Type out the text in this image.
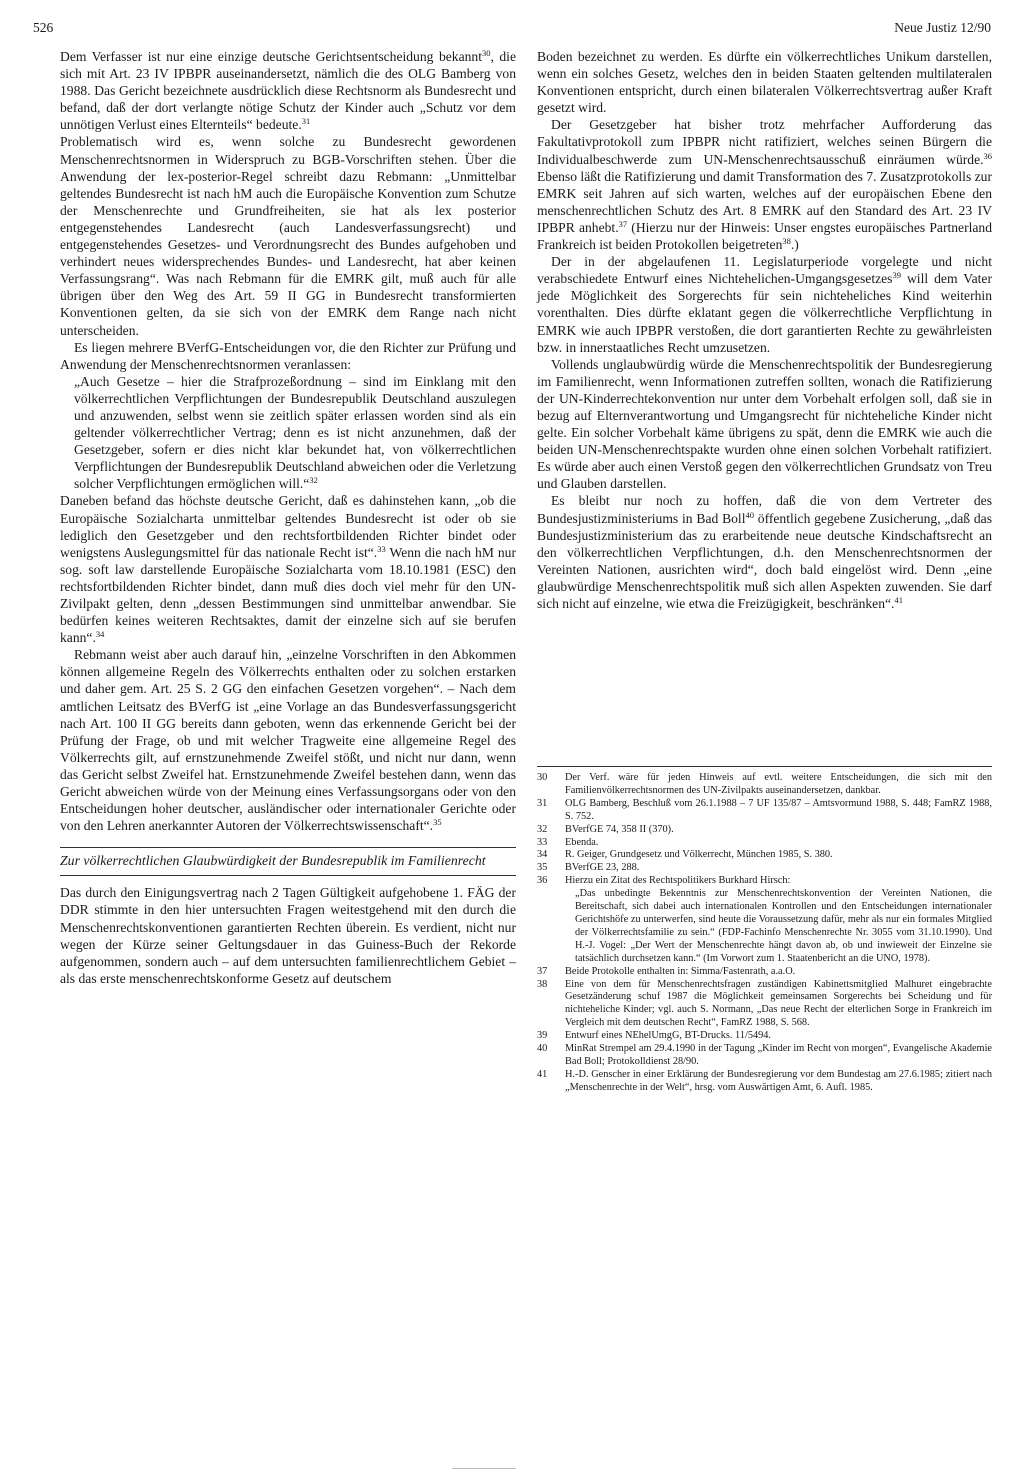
526	Neue Justiz 12/90

Dem Verfasser ist nur eine einzige deutsche Gerichtsentscheidung bekannt$^{30}$, die sich mit Art. 23 IV IPBPR auseinandersetzt, nämlich die des OLG Bamberg von 1988. Das Gericht bezeichnete ausdrücklich diese Rechtsnorm als Bundesrecht und befand, daß der dort verlangte nötige Schutz der Kinder auch „Schutz vor dem unnötigen Verlust eines Elternteils“ bedeute.$^{31}$

Problematisch wird es, wenn solche zu Bundesrecht gewordenen Menschenrechtsnormen in Widerspruch zu BGB-Vorschriften stehen. Über die Anwendung der lex-posterior-Regel schreibt dazu Rebmann: „Unmittelbar geltendes Bundesrecht ist nach hM auch die Europäische Konvention zum Schutze der Menschenrechte und Grundfreiheiten, sie hat als lex posterior entgegenstehendes Landesrecht (auch Landesverfassungsrecht) und entgegenstehendes Gesetzes- und Verordnungsrecht des Bundes aufgehoben und verhindert neues widersprechendes Bundes- und Landesrecht, hat aber keinen Verfassungsrang“. Was nach Rebmann für die EMRK gilt, muß auch für alle übrigen über den Weg des Art. 59 II GG in Bundesrecht transformierten Konventionen gelten, da sie sich von der EMRK dem Range nach nicht unterscheiden.

Es liegen mehrere BVerfG-Entscheidungen vor, die den Richter zur Prüfung und Anwendung der Menschenrechtsnormen veranlassen:

„Auch Gesetze – hier die Strafprozeßordnung – sind im Einklang mit den völkerrechtlichen Verpflichtungen der Bundesrepublik Deutschland auszulegen und anzuwenden, selbst wenn sie zeitlich später erlassen worden sind als ein geltender völkerrechtlicher Vertrag; denn es ist nicht anzunehmen, daß der Gesetzgeber, sofern er dies nicht klar bekundet hat, von völkerrechtlichen Verpflichtungen der Bundesrepublik Deutschland abweichen oder die Verletzung solcher Verpflichtungen ermöglichen will.“$^{32}$

Daneben befand das höchste deutsche Gericht, daß es dahinstehen kann, „ob die Europäische Sozialcharta unmittelbar geltendes Bundesrecht ist oder ob sie lediglich den Gesetzgeber und den rechtsfortbildenden Richter bindet oder wenigstens Auslegungsmittel für das nationale Recht ist“.$^{33}$ Wenn die nach hM nur sog. soft law darstellende Europäische Sozialcharta vom 18.10.1981 (ESC) den rechtsfortbildenden Richter bindet, dann muß dies doch viel mehr für den UN-Zivilpakt gelten, denn „dessen Bestimmungen sind unmittelbar anwendbar. Sie bedürfen keines weiteren Rechtsaktes, damit der einzelne sich auf sie berufen kann“.$^{34}$

Rebmann weist aber auch darauf hin, „einzelne Vorschriften in den Abkommen können allgemeine Regeln des Völkerrechts enthalten oder zu solchen erstarken und daher gem. Art. 25 S. 2 GG den einfachen Gesetzen vorgehen“. – Nach dem amtlichen Leitsatz des BVerfG ist „eine Vorlage an das Bundesverfassungsgericht nach Art. 100 II GG bereits dann geboten, wenn das erkennende Gericht bei der Prüfung der Frage, ob und mit welcher Tragweite eine allgemeine Regel des Völkerrechts gilt, auf ernstzunehmende Zweifel stößt, und nicht nur dann, wenn das Gericht selbst Zweifel hat. Ernstzunehmende Zweifel bestehen dann, wenn das Gericht abweichen würde von der Meinung eines Verfassungsorgans oder von den Entscheidungen hoher deutscher, ausländischer oder internationaler Gerichte oder von den Lehren anerkannter Autoren der Völkerrechtswissenschaft“.$^{35}$

Zur völkerrechtlichen Glaubwürdigkeit der Bundesrepublik im Familienrecht

Das durch den Einigungsvertrag nach 2 Tagen Gültigkeit aufgehobene 1. FÄG der DDR stimmte in den hier untersuchten Fragen weitestgehend mit den durch die Menschenrechtskonventionen garantierten Rechten überein. Es verdient, nicht nur wegen der Kürze seiner Geltungsdauer in das Guiness-Buch der Rekorde aufgenommen, sondern auch – auf dem untersuchten familienrechtlichem Gebiet – als das erste menschenrechtskonforme Gesetz auf deutschem

Boden bezeichnet zu werden. Es dürfte ein völkerrechtliches Unikum darstellen, wenn ein solches Gesetz, welches den in beiden Staaten geltenden multilateralen Konventionen entspricht, durch einen bilateralen Völkerrechtsvertrag außer Kraft gesetzt wird.

Der Gesetzgeber hat bisher trotz mehrfacher Aufforderung das Fakultativprotokoll zum IPBPR nicht ratifiziert, welches seinen Bürgern die Individualbeschwerde zum UN-Menschenrechtsausschuß einräumen würde.$^{36}$ Ebenso läßt die Ratifizierung und damit Transformation des 7. Zusatzprotokolls zur EMRK seit Jahren auf sich warten, welches auf der europäischen Ebene den menschenrechtlichen Schutz des Art. 8 EMRK auf den Standard des Art. 23 IV IPBPR anhebt.$^{37}$ (Hierzu nur der Hinweis: Unser engstes europäisches Partnerland Frankreich ist beiden Protokollen beigetreten$^{38}$.)

Der in der abgelaufenen 11. Legislaturperiode vorgelegte und nicht verabschiedete Entwurf eines Nichtehelichen-Umgangsgesetzes$^{39}$ will dem Vater jede Möglichkeit des Sorgerechts für sein nichteheliches Kind weiterhin vorenthalten. Dies dürfte eklatant gegen die völkerrechtliche Verpflichtung in EMRK wie auch IPBPR verstoßen, die dort garantierten Rechte zu gewährleisten bzw. in innerstaatliches Recht umzusetzen.

Vollends unglaubwürdig würde die Menschenrechtspolitik der Bundesregierung im Familienrecht, wenn Informationen zutreffen sollten, wonach die Ratifizierung der UN-Kinderrechtekonvention nur unter dem Vorbehalt erfolgen soll, daß sie in bezug auf Elternverantwortung und Umgangsrecht für nichteheliche Kinder nicht gelte. Ein solcher Vorbehalt käme übrigens zu spät, denn die EMRK wie auch die beiden UN-Menschenrechtspakte wurden ohne einen solchen Vorbehalt ratifiziert. Es würde aber auch einen Verstoß gegen den völkerrechtlichen Grundsatz von Treu und Glauben darstellen.

Es bleibt nur noch zu hoffen, daß die von dem Vertreter des Bundesjustizministeriums in Bad Boll$^{40}$ öffentlich gegebene Zusicherung, „daß das Bundesjustizministerium das zu erarbeitende neue deutsche Kindschaftsrecht an den völkerrechtlichen Verpflichtungen, d.h. den Menschenrechtsnormen der Vereinten Nationen, ausrichten wird“, doch bald eingelöst wird. Denn „eine glaubwürdige Menschenrechtspolitik muß sich allen Aspekten zuwenden. Sie darf sich nicht auf einzelne, wie etwa die Freizügigkeit, beschränken“.$^{41}$

30 Der Verf. wäre für jeden Hinweis auf evtl. weitere Entscheidungen, die sich mit den Familienvölkerrechtsnormen des UN-Zivilpakts auseinandersetzen, dankbar.

31 OLG Bamberg, Beschluß vom 26.1.1988 – 7 UF 135/87 – Amtsvormund 1988, S. 448; FamRZ 1988, S. 752.

32 BVerfGE 74, 358 II (370).

33 Ebenda.

34 R. Geiger, Grundgesetz und Völkerrecht, München 1985, S. 380.

35 BVerfGE 23, 288.

36 Hierzu ein Zitat des Rechtspolitikers Burkhard Hirsch:
„Das unbedingte Bekenntnis zur Menschenrechtskonvention der Vereinten Nationen, die Bereitschaft, sich dabei auch internationalen Kontrollen und den Entscheidungen internationaler Gerichtshöfe zu unterwerfen, sind heute die Voraussetzung dafür, mehr als nur ein formales Mitglied der Völkerrechtsfamilie zu sein.“ (FDP-Fachinfo Menschenrechte Nr. 3055 vom 31.10.1990). Und H.-J. Vogel: „Der Wert der Menschenrechte hängt davon ab, ob und inwieweit der Einzelne sie tatsächlich durchsetzen kann.“ (Im Vorwort zum 1. Staatenbericht an die UNO, 1978).

37 Beide Protokolle enthalten in: Simma/Fastenrath, a.a.O.

38 Eine von dem für Menschenrechtsfragen zuständigen Kabinettsmitglied Malhuret eingebrachte Gesetzänderung schuf 1987 die Möglichkeit gemeinsamen Sorgerechts bei Scheidung und für nichteheliche Kinder; vgl. auch S. Normann, „Das neue Recht der elterlichen Sorge in Frankreich im Vergleich mit dem deutschen Recht“, FamRZ 1988, S. 568.

39 Entwurf eines NEhelUmgG, BT-Drucks. 11/5494.

40 MinRat Strempel am 29.4.1990 in der Tagung „Kinder im Recht von morgen“, Evangelische Akademie Bad Boll; Protokolldienst 28/90.

41 H.-D. Genscher in einer Erklärung der Bundesregierung vor dem Bundestag am 27.6.1985; zitiert nach „Menschenrechte in der Welt“, hrsg. vom Auswärtigen Amt, 6. Aufl. 1985.
